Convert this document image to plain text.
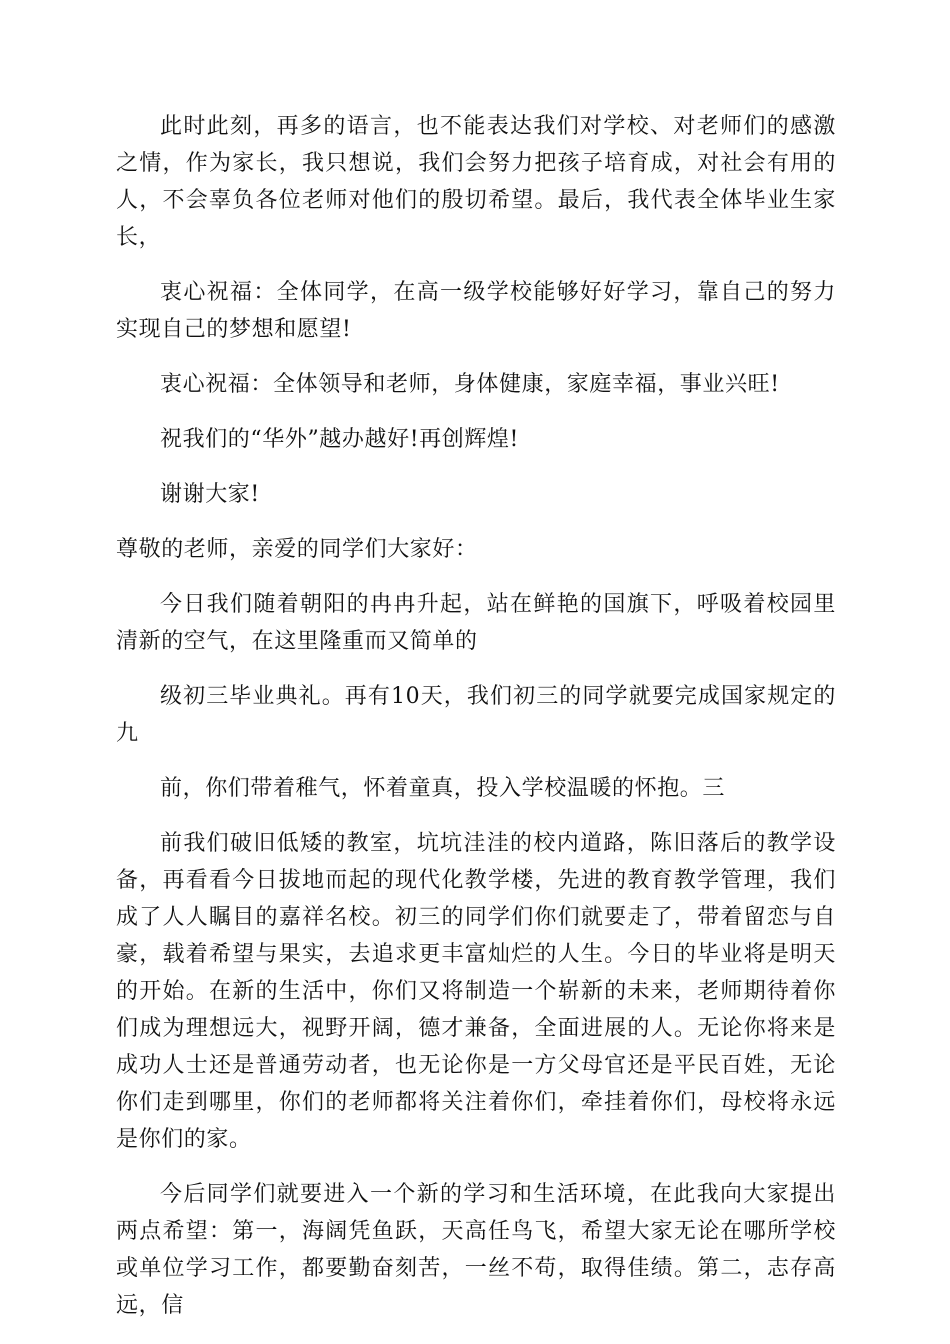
此时此刻，再多的语言，也不能表达我们对学校、对老师们的感激之情，作为家长，我只想说，我们会努力把孩子培育成，对社会有用的人，不会辜负各位老师对他们的殷切希望。最后，我代表全体毕业生家长，

衷心祝福：全体同学，在高一级学校能够好好学习，靠自己的努力实现自己的梦想和愿望!

衷心祝福：全体领导和老师，身体健康，家庭幸福，事业兴旺!

祝我们的“华外”越办越好!再创辉煌!

谢谢大家!

尊敬的老师，亲爱的同学们大家好：

今日我们随着朝阳的冉冉升起，站在鲜艳的国旗下，呼吸着校园里清新的空气，在这里隆重而又简单的

级初三毕业典礼。再有10天，我们初三的同学就要完成国家规定的九

前，你们带着稚气，怀着童真，投入学校温暖的怀抱。三

前我们破旧低矮的教室，坑坑洼洼的校内道路，陈旧落后的教学设备，再看看今日拔地而起的现代化教学楼，先进的教育教学管理，我们成了人人瞩目的嘉祥名校。初三的同学们你们就要走了，带着留恋与自豪，载着希望与果实，去追求更丰富灿烂的人生。今日的毕业将是明天的开始。在新的生活中，你们又将制造一个崭新的未来，老师期待着你们成为理想远大，视野开阔，德才兼备，全面进展的人。无论你将来是成功人士还是普通劳动者，也无论你是一方父母官还是平民百姓，无论你们走到哪里，你们的老师都将关注着你们，牵挂着你们，母校将永远是你们的家。

今后同学们就要进入一个新的学习和生活环境，在此我向大家提出两点希望：第一，海阔凭鱼跃，天高任鸟飞，希望大家无论在哪所学校或单位学习工作，都要勤奋刻苦，一丝不苟，取得佳绩。第二，志存高远，信
